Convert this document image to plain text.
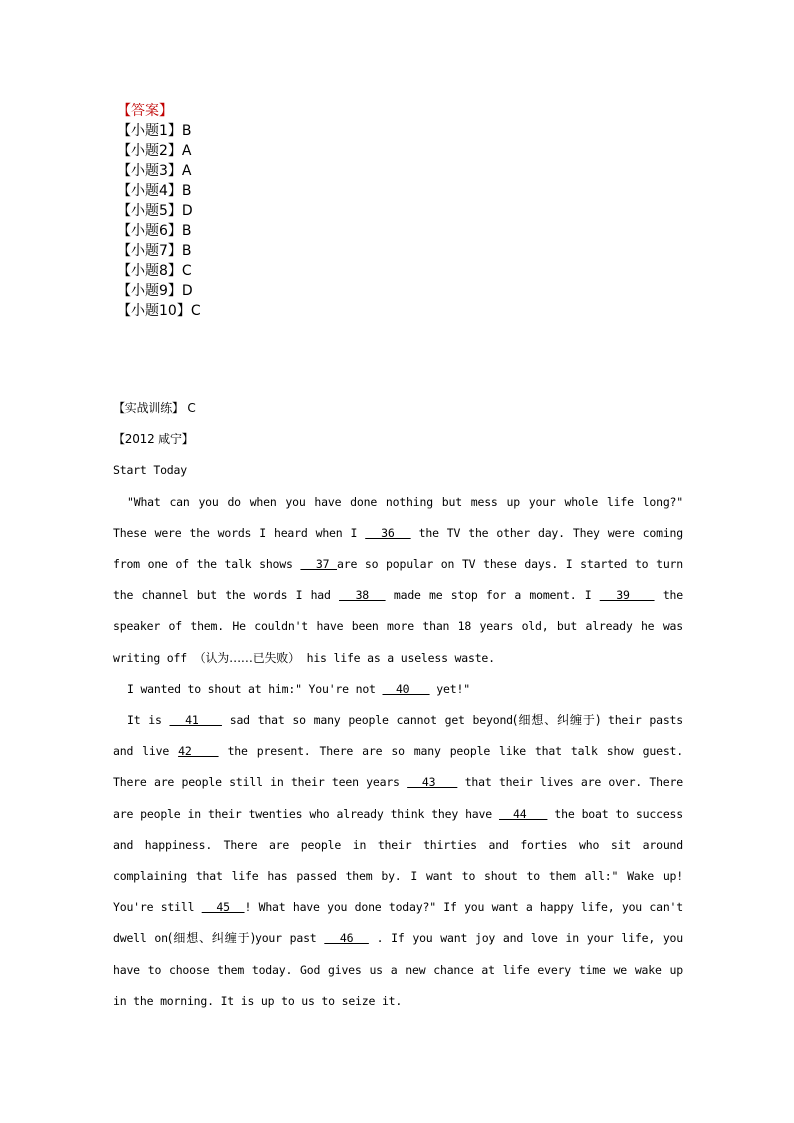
【答案】
【小题1】B
【小题2】A
【小题3】A
【小题4】B
【小题5】D
【小题6】B
【小题7】B
【小题8】C
【小题9】D
【小题10】C
【实战训练】 C
【2012 咸宁】
Start Today

"What can you do when you have done nothing but mess up your whole life long?" These were the words I heard when I   36   the TV the other day. They were coming from one of the talk shows   37 are so popular on TV these days. I started to turn the channel but the words I had   38   made me stop for a moment. I   39    the speaker of them. He couldn't have been more than 18 years old, but already he was writing off （认为……已失败） his life as a useless waste.

I wanted to shout at him:" You're not   40    yet!"

It is   41    sad that so many people cannot get beyond(细想、纠缠于) their pasts and live 42    the present. There are so many people like that talk show guest. There are people still in their teen years   43    that their lives are over. There are people in their twenties who already think they have   44    the boat to success and happiness. There are people in their thirties and forties who sit around complaining that life has passed them by. I want to shout to them all:" Wake up! You're still   45  ! What have you done today?" If you want a happy life, you can't dwell on(细想、纠缠于)your past   46   . If you want joy and love in your life, you have to choose them today. God gives us a new chance at life every time we wake up in the morning. It is up to us to seize it.
